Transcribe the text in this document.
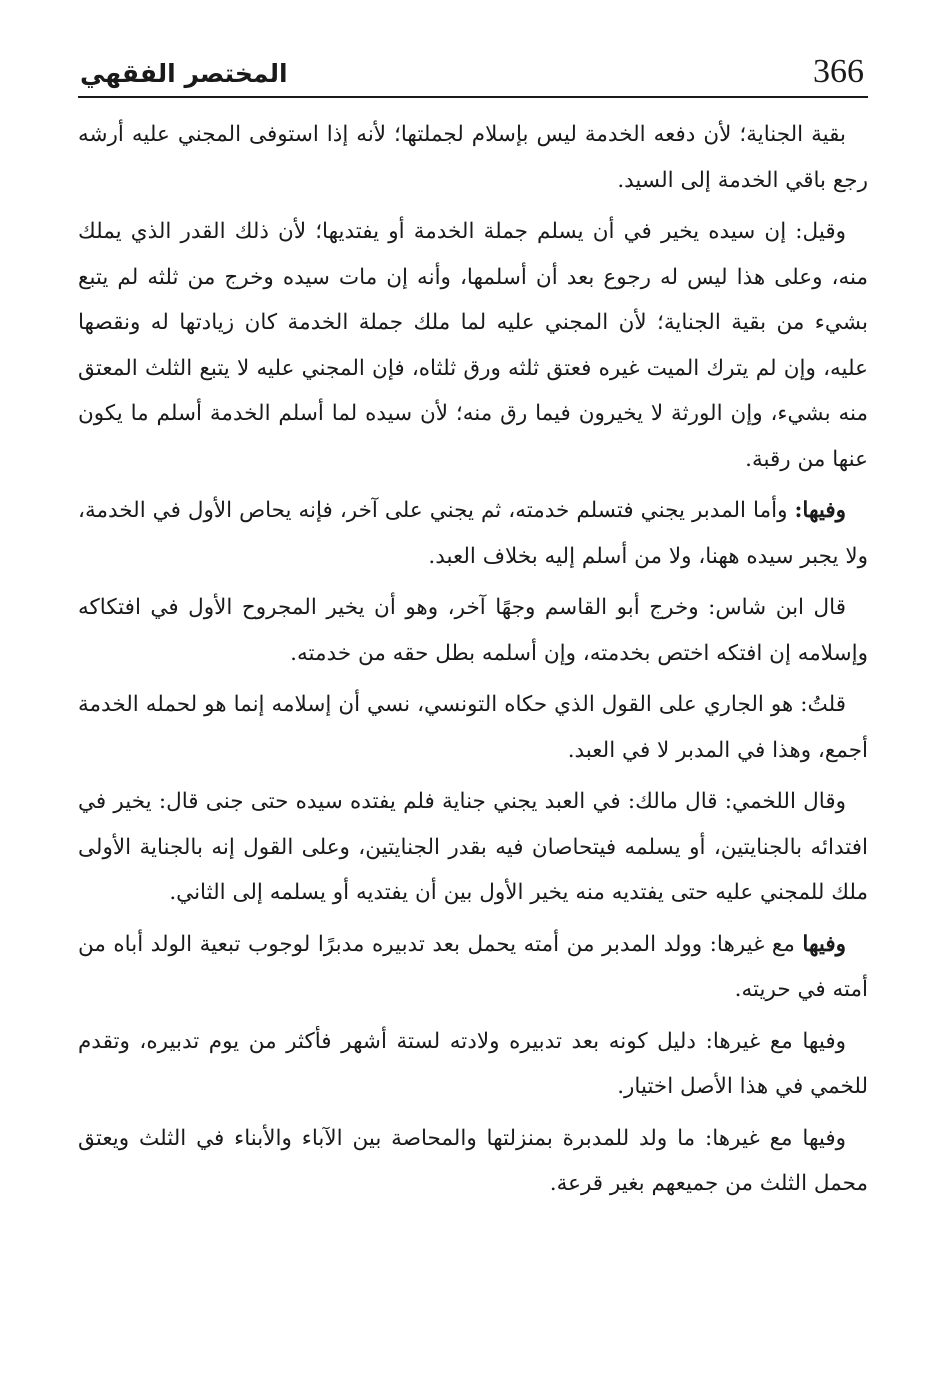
366
المختصر الفقهي

بقية الجناية؛ لأن دفعه الخدمة ليس بإسلام لجملتها؛ لأنه إذا استوفى المجني عليه أرشه رجع باقي الخدمة إلى السيد.

وقيل: إن سيده يخير في أن يسلم جملة الخدمة أو يفتديها؛ لأن ذلك القدر الذي يملك منه، وعلى هذا ليس له رجوع بعد أن أسلمها، وأنه إن مات سيده وخرج من ثلثه لم يتبع بشيء من بقية الجناية؛ لأن المجني عليه لما ملك جملة الخدمة كان زيادتها له ونقصها عليه، وإن لم يترك الميت غيره فعتق ثلثه ورق ثلثاه، فإن المجني عليه لا يتبع الثلث المعتق منه بشيء، وإن الورثة لا يخيرون فيما رق منه؛ لأن سيده لما أسلم الخدمة أسلم ما يكون عنها من رقبة.

وفيها: وأما المدبر يجني فتسلم خدمته، ثم يجني على آخر، فإنه يحاص الأول في الخدمة، ولا يجبر سيده ههنا، ولا من أسلم إليه بخلاف العبد.

قال ابن شاس: وخرج أبو القاسم وجهًا آخر، وهو أن يخير المجروح الأول في افتكاكه وإسلامه إن افتكه اختص بخدمته، وإن أسلمه بطل حقه من خدمته.

قلتُ: هو الجاري على القول الذي حكاه التونسي، نسي أن إسلامه إنما هو لحمله الخدمة أجمع، وهذا في المدبر لا في العبد.

وقال اللخمي: قال مالك: في العبد يجني جناية فلم يفتده سيده حتى جنى قال: يخير في افتدائه بالجنايتين، أو يسلمه فيتحاصان فيه بقدر الجنايتين، وعلى القول إنه بالجناية الأولى ملك للمجني عليه حتى يفتديه منه يخير الأول بين أن يفتديه أو يسلمه إلى الثاني.

وفيها مع غيرها: وولد المدبر من أمته يحمل بعد تدبيره مدبرًا لوجوب تبعية الولد أباه من أمته في حريته.

وفيها مع غيرها: دليل كونه بعد تدبيره ولادته لستة أشهر فأكثر من يوم تدبيره، وتقدم للخمي في هذا الأصل اختيار.

وفيها مع غيرها: ما ولد للمدبرة بمنزلتها والمحاصة بين الآباء والأبناء في الثلث ويعتق محمل الثلث من جميعهم بغير قرعة.
